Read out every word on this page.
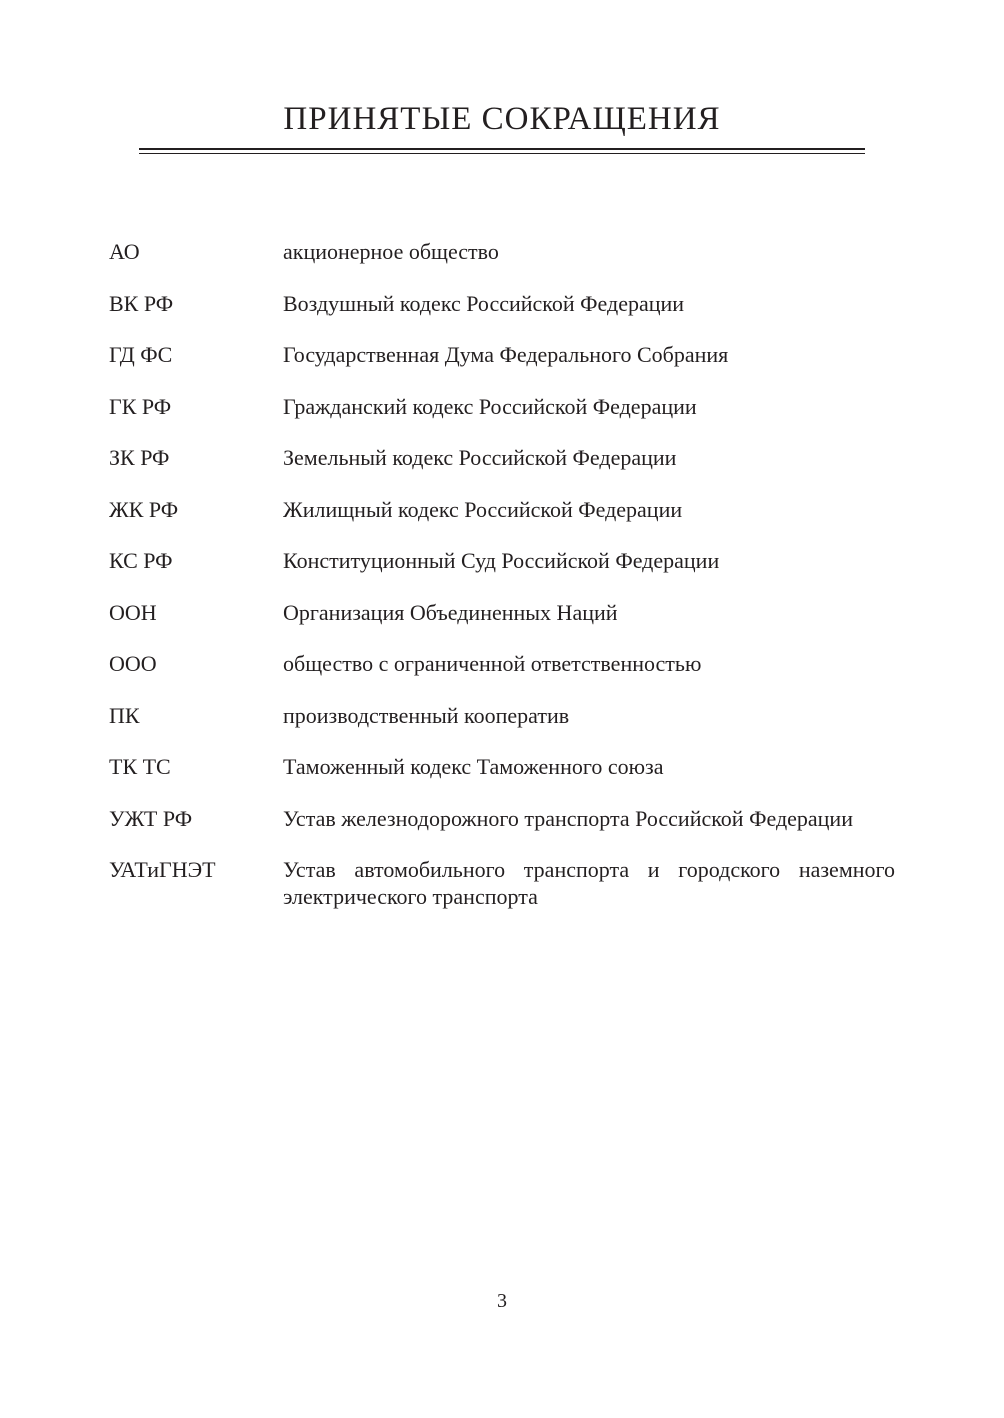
ПРИНЯТЫЕ СОКРАЩЕНИЯ
АО	акционерное общество
ВК РФ	Воздушный кодекс Российской Федерации
ГД ФС	Государственная Дума Федерального Собрания
ГК РФ	Гражданский кодекс Российской Федерации
ЗК РФ	Земельный кодекс Российской Федерации
ЖК РФ	Жилищный кодекс Российской Федерации
КС РФ	Конституционный Суд Российской Федерации
ООН	Организация Объединенных Наций
ООО	общество с ограниченной ответственностью
ПК	производственный кооператив
ТК ТС	Таможенный кодекс Таможенного союза
УЖТ РФ	Устав железнодорожного транспорта Российской Федерации
УАТиГНЭТ	Устав автомобильного транспорта и городского наземного электрического транспорта
3
